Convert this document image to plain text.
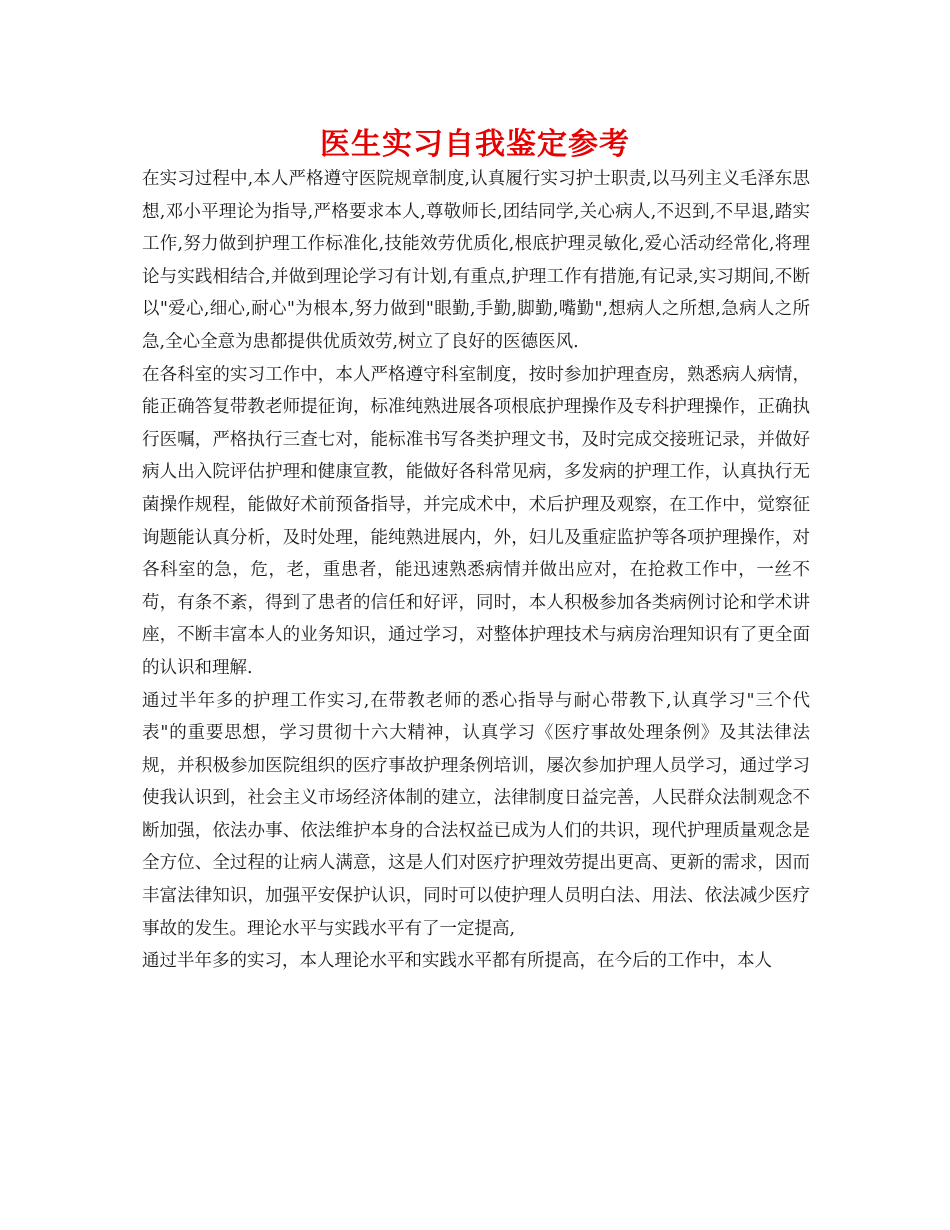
医生实习自我鉴定参考

在实习过程中,本人严格遵守医院规章制度,认真履行实习护士职责,以马列主义毛泽东思想,邓小平理论为指导,严格要求本人,尊敬师长,团结同学,关心病人,不迟到,不早退,踏实工作,努力做到护理工作标准化,技能效劳优质化,根底护理灵敏化,爱心活动经常化,将理论与实践相结合,并做到理论学习有计划,有重点,护理工作有措施,有记录,实习期间,不断以"爱心,细心,耐心"为根本,努力做到"眼勤,手勤,脚勤,嘴勤",想病人之所想,急病人之所急,全心全意为患都提供优质效劳,树立了良好的医德医风.

在各科室的实习工作中，本人严格遵守科室制度，按时参加护理查房，熟悉病人病情，能正确答复带教老师提征询，标准纯熟进展各项根底护理操作及专科护理操作，正确执行医嘱，严格执行三查七对，能标准书写各类护理文书，及时完成交接班记录，并做好病人出入院评估护理和健康宣教，能做好各科常见病，多发病的护理工作，认真执行无菌操作规程，能做好术前预备指导，并完成术中，术后护理及观察，在工作中，觉察征询题能认真分析，及时处理，能纯熟进展内，外，妇儿及重症监护等各项护理操作，对各科室的急，危，老，重患者，能迅速熟悉病情并做出应对，在抢救工作中，一丝不苟，有条不紊，得到了患者的信任和好评，同时，本人积极参加各类病例讨论和学术讲座，不断丰富本人的业务知识，通过学习，对整体护理技术与病房治理知识有了更全面的认识和理解.

通过半年多的护理工作实习,在带教老师的悉心指导与耐心带教下,认真学习"三个代表"的重要思想，学习贯彻十六大精神，认真学习《医疗事故处理条例》及其法律法规，并积极参加医院组织的医疗事故护理条例培训，屡次参加护理人员学习，通过学习使我认识到，社会主义市场经济体制的建立，法律制度日益完善，人民群众法制观念不断加强，依法办事、依法维护本身的合法权益已成为人们的共识，现代护理质量观念是全方位、全过程的让病人满意，这是人们对医疗护理效劳提出更高、更新的需求，因而丰富法律知识，加强平安保护认识，同时可以使护理人员明白法、用法、依法减少医疗事故的发生。理论水平与实践水平有了一定提高,

通过半年多的实习，本人理论水平和实践水平都有所提高，在今后的工作中，本人
